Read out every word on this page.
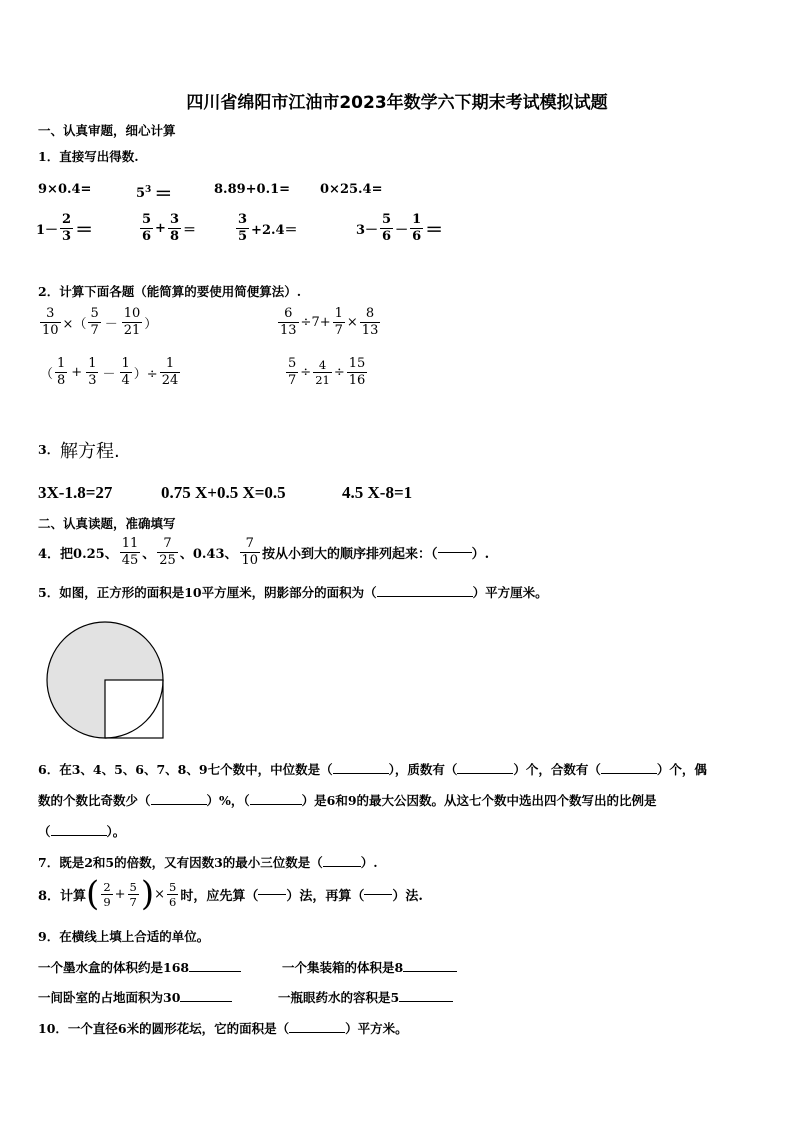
四川省绵阳市江油市2023年数学六下期末考试模拟试题
一、认真审题，细心计算
1．直接写出得数.
9×0.4=	$5^3$ ＝	8.89+0.1= 0×25.4=
$1- \frac{2}{3}$ ＝	$\frac{5}{6} + \frac{3}{8}$ ＝	$\frac{3}{5} +2.4=$	$3- \frac{5}{6} - \frac{1}{6}$ ＝
2．计算下面各题（能简算的要使用简便算法）.
$\frac{3}{10}$ ×（ $\frac{5}{7} - \frac{10}{21}$ ）	$\frac{6}{13} \div 7+ \frac{1}{7} \times \frac{8}{13}$
（ $\frac{1}{8} + \frac{1}{3} - \frac{1}{4}$ ）÷ $\frac{1}{24}$	$\frac{5}{7} \div \frac{4}{21} \div \frac{15}{16}$
3． 解方程.
3X-1.8=27	0.75 X+0.5 X=0.5	4.5 X-8=1
二、认真读题，准确填写
4．把0.25、 $\frac{11}{45}$ 、 $\frac{7}{25}$ 、0.43、 $\frac{7}{10}$ 按从小到大的顺序排列起来：（	）.
5．如图，正方形的面积是10平方厘米，阴影部分的面积为（	）平方厘米。
6．在3、4、5、6、7、8、9七个数中，中位数是（	），质数有（	）个，合数有（	）个，偶
数的个数比奇数少（	）%，（	）是6和9的最大公因数。从这七个数中选出四个数写出的比例是
（	）。
7．既是2和5的倍数，又有因数3的最小三位数是（	）.
8．计算 ( $\frac{2}{9} + \frac{5}{7}$ ) × $\frac{5}{6}$ 时，应先算（ ）法，再算（ ）法.
9．在横线上填上合适的单位。
一个墨水盒的体积约是168	一个集装箱的体积是8
一间卧室的占地面积为30	一瓶眼药水的容积是5
10．一个直径6米的圆形花坛，它的面积是（	）平方米。
